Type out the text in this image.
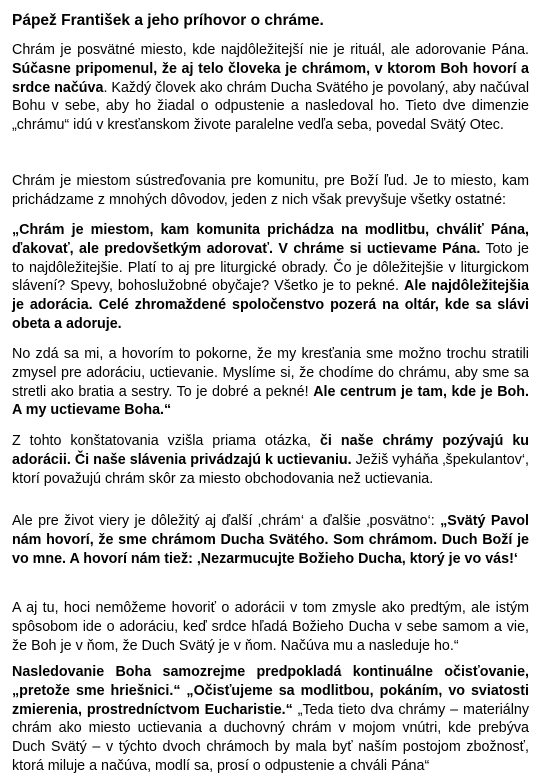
Pápež František a jeho príhovor o chráme.

Chrám je posvätné miesto, kde najdôležitejší nie je rituál, ale adorovanie Pána. Súčasne pripomenul, že aj telo človeka je chrámom, v ktorom Boh hovorí a srdce načúva. Každý človek ako chrám Ducha Svätého je povolaný, aby načúval Bohu v sebe, aby ho žiadal o odpustenie a nasledoval ho. Tieto dve dimenzie „chrámu“ idú v kresťanskom živote paralelne vedľa seba, povedal Svätý Otec.

Chrám je miestom sústreďovania pre komunitu, pre Boží ľud. Je to miesto, kam prichádzame z mnohých dôvodov, jeden z nich však prevyšuje všetky ostatné:

„Chrám je miestom, kam komunita prichádza na modlitbu, chváliť Pána, ďakovať, ale predovšetkým adorovať. V chráme si uctievame Pána. Toto je to najdôležitejšie. Platí to aj pre liturgické obrady. Čo je dôležitejšie v liturgickom slávení? Spevy, bohoslužobné obyčaje? Všetko je to pekné. Ale najdôležitejšia je adorácia. Celé zhromaždené spoločenstvo pozerá na oltár, kde sa slávi obeta a adoruje.

No zdá sa mi, a hovorím to pokorne, že my kresťania sme možno trochu stratili zmysel pre adoráciu, uctievanie. Myslíme si, že chodíme do chrámu, aby sme sa stretli ako bratia a sestry. To je dobré a pekné! Ale centrum je tam, kde je Boh. A my uctievame Boha.“

Z tohto konštatovania vzišla priama otázka, či naše chrámy pozývajú ku adorácii. Či naše slávenia privádzajú k uctievaniu. Ježiš vyháňa ‚špekulantov‘, ktorí považujú chrám skôr za miesto obchodovania než uctievania.

Ale pre život viery je dôležitý aj ďalší ‚chrám‘ a ďalšie ‚posvätno‘: „Svätý Pavol nám hovorí, že sme chrámom Ducha Svätého. Som chrámom. Duch Boží je vo mne. A hovorí nám tiež: ‚Nezarmucujte Božieho Ducha, ktorý je vo vás!‘

A aj tu, hoci nemôžeme hovoriť o adorácii v tom zmysle ako predtým, ale istým spôsobom ide o adoráciu, keď srdce hľadá Božieho Ducha v sebe samom a vie, že Boh je v ňom, že Duch Svätý je v ňom. Načúva mu a nasleduje ho.“

Nasledovanie Boha samozrejme predpokladá kontinuálne očisťovanie, „pretože sme hriešnici.“ „Očisťujeme sa modlitbou, pokáním, vo sviatosti zmierenia, prostredníctvom Eucharistie.“ „Teda tieto dva chrámy – materiálny chrám ako miesto uctievania a duchovný chrám v mojom vnútri, kde prebýva Duch Svätý – v týchto dvoch chrámoch by mala byť naším postojom zbožnosť, ktorá miluje a načúva, modlí sa, prosí o odpustenie a chváli Pána“
